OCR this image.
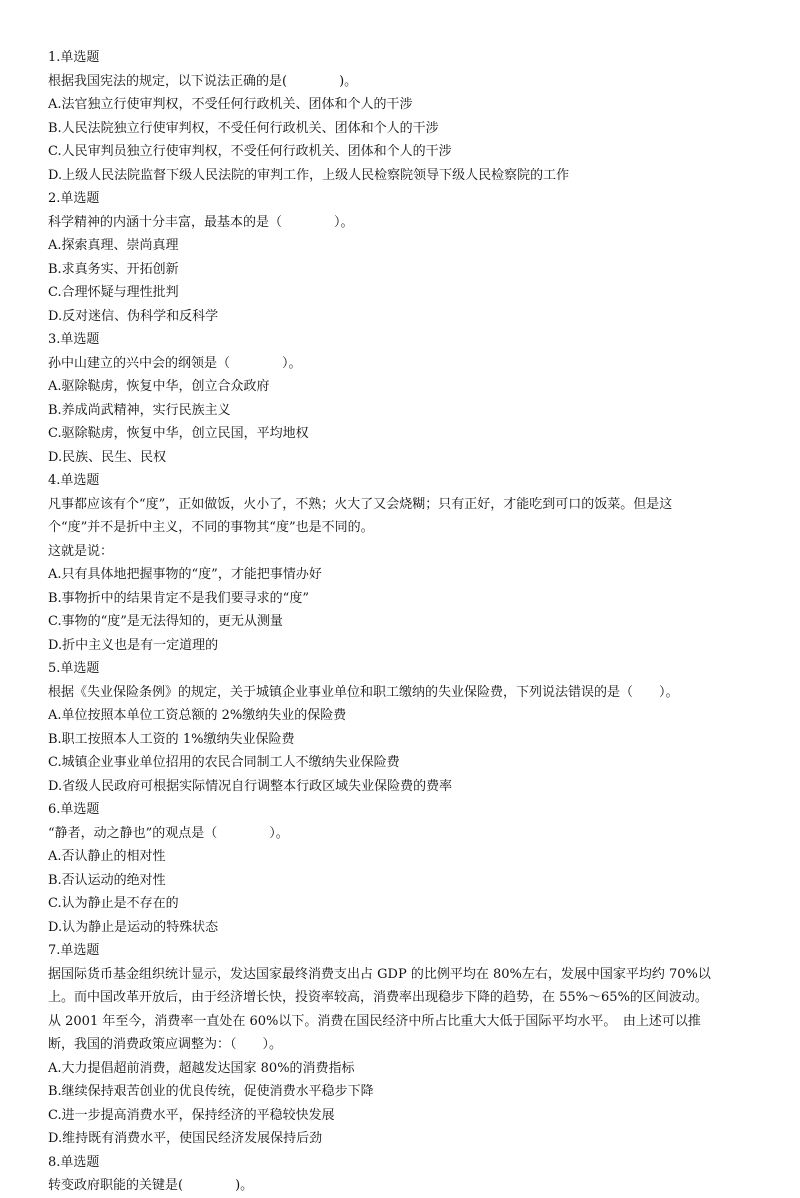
1.单选题
根据我国宪法的规定，以下说法正确的是(　　　　)。
A.法官独立行使审判权，不受任何行政机关、团体和个人的干涉
B.人民法院独立行使审判权，不受任何行政机关、团体和个人的干涉
C.人民审判员独立行使审判权，不受任何行政机关、团体和个人的干涉
D.上级人民法院监督下级人民法院的审判工作，上级人民检察院领导下级人民检察院的工作
2.单选题
科学精神的内涵十分丰富，最基本的是（　　　　）。
A.探索真理、崇尚真理
B.求真务实、开拓创新
C.合理怀疑与理性批判
D.反对迷信、伪科学和反科学
3.单选题
孙中山建立的兴中会的纲领是（　　　　）。
A.驱除鞑虏，恢复中华，创立合众政府
B.养成尚武精神，实行民族主义
C.驱除鞑虏，恢复中华，创立民国，平均地权
D.民族、民生、民权
4.单选题
凡事都应该有个“度”，正如做饭，火小了，不熟；火大了又会烧糊；只有正好，才能吃到可口的饭菜。但是这
个“度”并不是折中主义，不同的事物其“度”也是不同的。
这就是说：
A.只有具体地把握事物的“度”，才能把事情办好
B.事物折中的结果肯定不是我们要寻求的“度”
C.事物的“度”是无法得知的，更无从测量
D.折中主义也是有一定道理的
5.单选题
根据《失业保险条例》的规定，关于城镇企业事业单位和职工缴纳的失业保险费，下列说法错误的是（　　）。
A.单位按照本单位工资总额的 2%缴纳失业的保险费
B.职工按照本人工资的 1%缴纳失业保险费
C.城镇企业事业单位招用的农民合同制工人不缴纳失业保险费
D.省级人民政府可根据实际情况自行调整本行政区域失业保险费的费率
6.单选题
“静者，动之静也”的观点是（　　　　）。
A.否认静止的相对性
B.否认运动的绝对性
C.认为静止是不存在的
D.认为静止是运动的特殊状态
7.单选题
据国际货币基金组织统计显示，发达国家最终消费支出占 GDP 的比例平均在 80%左右，发展中国家平均约 70%以
上。而中国改革开放后，由于经济增长快，投资率较高，消费率出现稳步下降的趋势，在 55%～65%的区间波动。
从 2001 年至今，消费率一直处在 60%以下。消费在国民经济中所占比重大大低于国际平均水平。　由上述可以推
断，我国的消费政策应调整为：（　　）。
A.大力提倡超前消费，超越发达国家 80%的消费指标
B.继续保持艰苦创业的优良传统，促使消费水平稳步下降
C.进一步提高消费水平，保持经济的平稳较快发展
D.维持既有消费水平，使国民经济发展保持后劲
8.单选题
转变政府职能的关键是(　　　　)。
